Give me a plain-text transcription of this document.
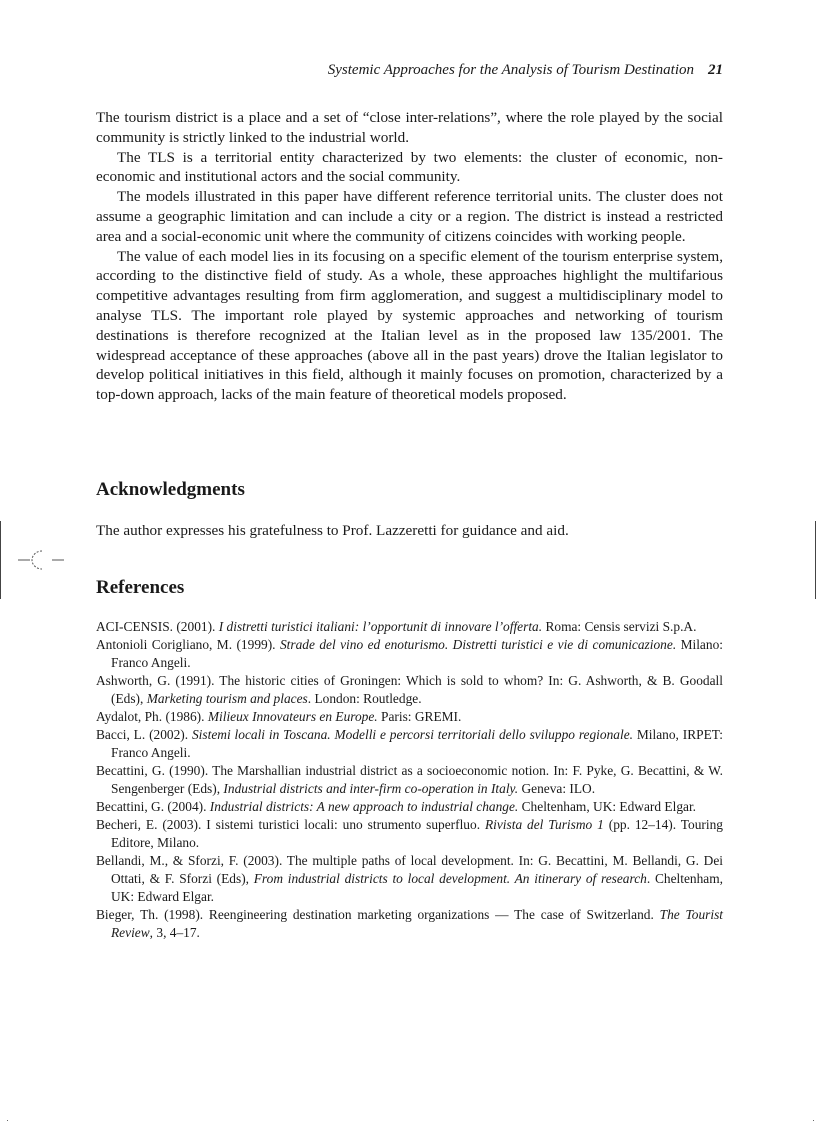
Systemic Approaches for the Analysis of Tourism Destination 21

The tourism district is a place and a set of “close inter-relations”, where the role played by the social community is strictly linked to the industrial world.

The TLS is a territorial entity characterized by two elements: the cluster of economic, non-economic and institutional actors and the social community.

The models illustrated in this paper have different reference territorial units. The cluster does not assume a geographic limitation and can include a city or a region. The district is instead a restricted area and a social-economic unit where the community of citizens coincides with working people.

The value of each model lies in its focusing on a specific element of the tourism enterprise system, according to the distinctive field of study. As a whole, these approaches highlight the multifarious competitive advantages resulting from firm agglomeration, and suggest a multidisciplinary model to analyse TLS. The important role played by systemic approaches and networking of tourism destinations is therefore recognized at the Italian level as in the proposed law 135/2001. The widespread acceptance of these approaches (above all in the past years) drove the Italian legislator to develop political initiatives in this field, although it mainly focuses on promotion, characterized by a top-down approach, lacks of the main feature of theoretical models proposed.

Acknowledgments

The author expresses his gratefulness to Prof. Lazzeretti for guidance and aid.

References
ACI-CENSIS. (2001). I distretti turistici italiani: l’opportunit di innovare l’offerta. Roma: Censis servizi S.p.A.
Antonioli Corigliano, M. (1999). Strade del vino ed enoturismo. Distretti turistici e vie di comunicazione. Milano: Franco Angeli.
Ashworth, G. (1991). The historic cities of Groningen: Which is sold to whom? In: G. Ashworth, & B. Goodall (Eds), Marketing tourism and places. London: Routledge.
Aydalot, Ph. (1986). Milieux Innovateurs en Europe. Paris: GREMI.
Bacci, L. (2002). Sistemi locali in Toscana. Modelli e percorsi territoriali dello sviluppo regionale. Milano, IRPET: Franco Angeli.
Becattini, G. (1990). The Marshallian industrial district as a socioeconomic notion. In: F. Pyke, G. Becattini, & W. Sengenberger (Eds), Industrial districts and inter-firm co-operation in Italy. Geneva: ILO.
Becattini, G. (2004). Industrial districts: A new approach to industrial change. Cheltenham, UK: Edward Elgar.
Becheri, E. (2003). I sistemi turistici locali: uno strumento superfluo. Rivista del Turismo 1 (pp. 12–14). Touring Editore, Milano.
Bellandi, M., & Sforzi, F. (2003). The multiple paths of local development. In: G. Becattini, M. Bellandi, G. Dei Ottati, & F. Sforzi (Eds), From industrial districts to local development. An itinerary of research. Cheltenham, UK: Edward Elgar.
Bieger, Th. (1998). Reengineering destination marketing organizations — The case of Switzerland. The Tourist Review, 3, 4–17.
